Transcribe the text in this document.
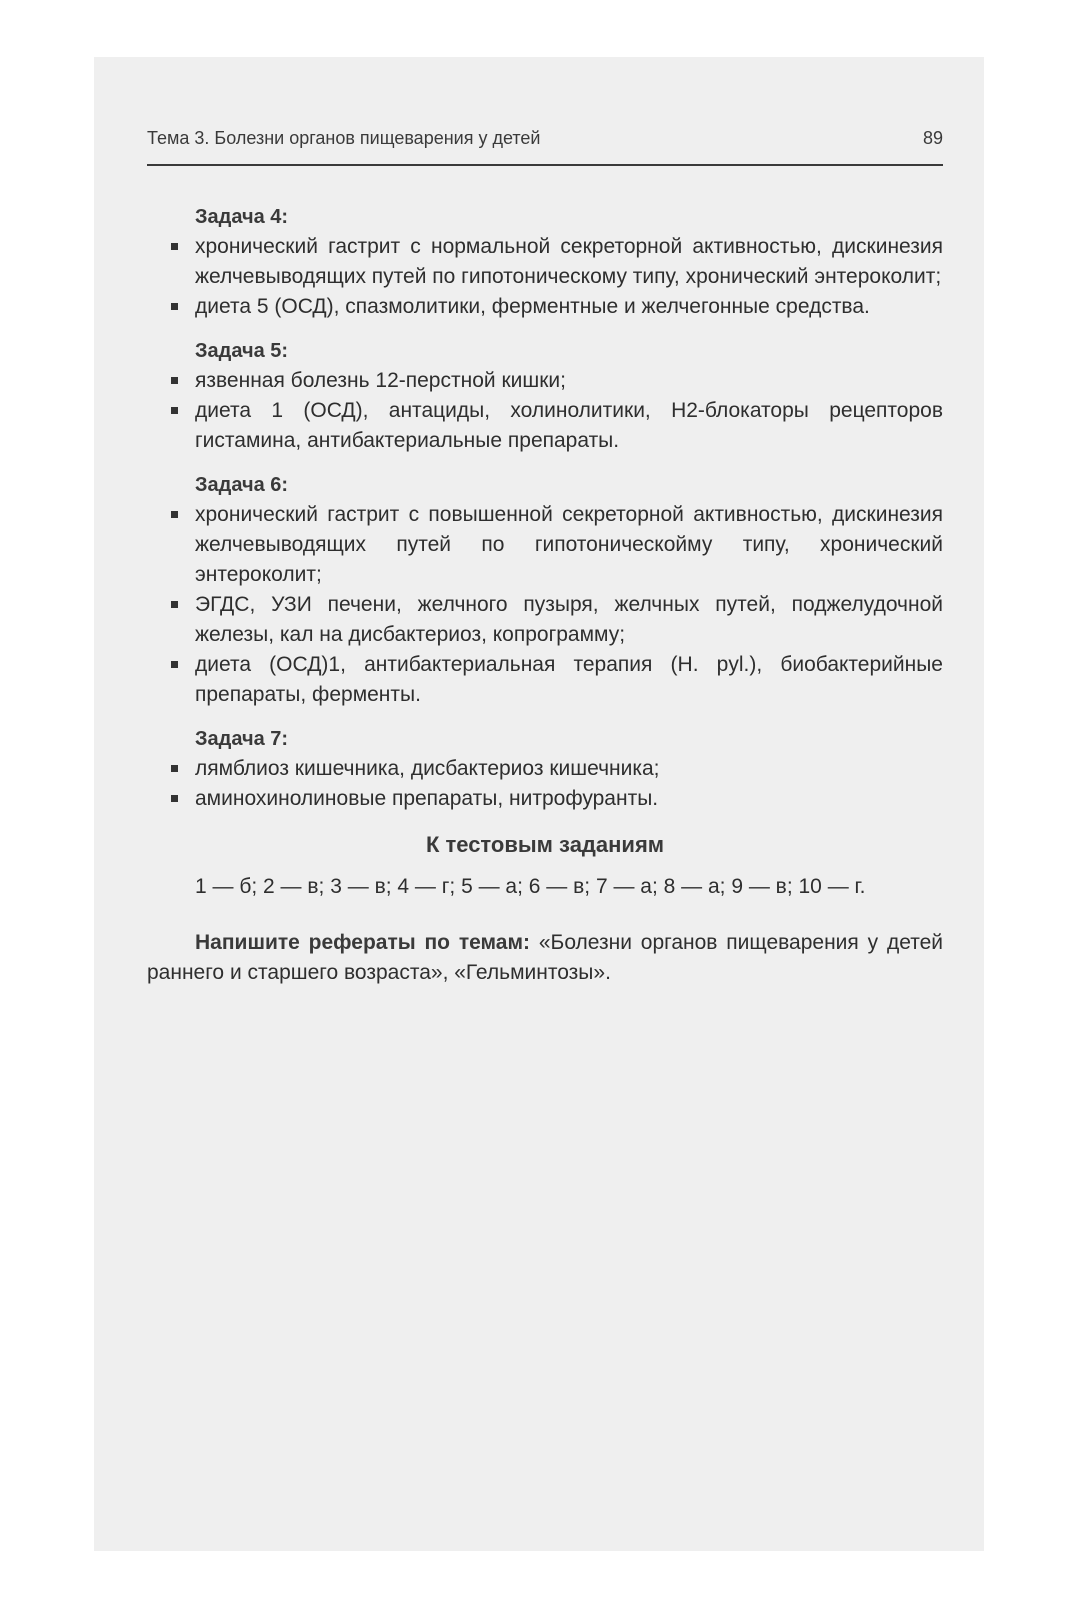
Тема 3. Болезни органов пищеварения у детей	89
Задача 4:
хронический гастрит с нормальной секреторной активностью, дискинезия желчевыводящих путей по гипотоническому типу, хронический энтероколит;
диета 5 (ОСД), спазмолитики, ферментные и желчегонные средства.
Задача 5:
язвенная болезнь 12-перстной кишки;
диета 1 (ОСД), антациды, холинолитики, Н2-блокаторы рецепторов гистамина, антибактериальные препараты.
Задача 6:
хронический гастрит с повышенной секреторной активностью, дискинезия желчевыводящих путей по гипотоническойму типу, хронический энтероколит;
ЭГДС, УЗИ печени, желчного пузыря, желчных путей, поджелудочной железы, кал на дисбактериоз, копрограмму;
диета (ОСД)1, антибактериальная терапия (H. pyl.), биобактерийные препараты, ферменты.
Задача 7:
лямблиоз кишечника, дисбактериоз кишечника;
аминохинолиновые препараты, нитрофуранты.
К тестовым заданиям
1 — б; 2 — в; 3 — в; 4 — г; 5 — а; 6 — в; 7 — а; 8 — а; 9 — в; 10 — г.

Напишите рефераты по темам: «Болезни органов пищеварения у детей раннего и старшего возраста», «Гельминтозы».
